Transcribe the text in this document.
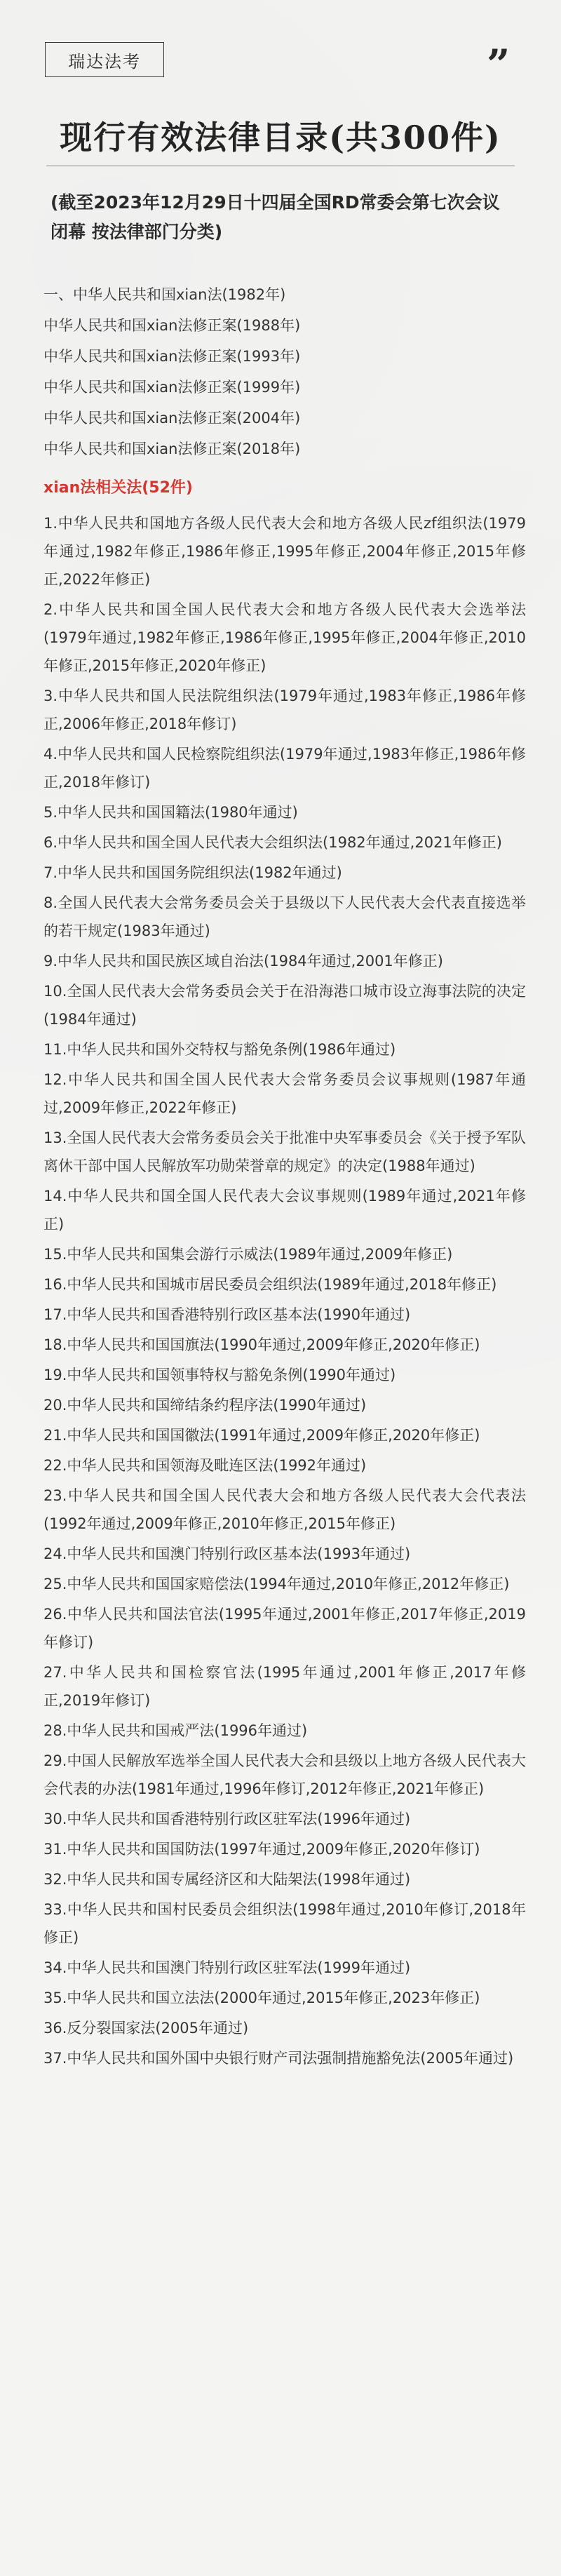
瑞达法考	”
现行有效法律目录(共300件)
(截至2023年12月29日十四届全国RD常委会第七次会议闭幕 按法律部门分类)
一、中华人民共和国xian法(1982年)
中华人民共和国xian法修正案(1988年)
中华人民共和国xian法修正案(1993年)
中华人民共和国xian法修正案(1999年)
中华人民共和国xian法修正案(2004年)
中华人民共和国xian法修正案(2018年)
xian法相关法(52件)
1.中华人民共和国地方各级人民代表大会和地方各级人民zf组织法(1979年通过,1982年修正,1986年修正,1995年修正,2004年修正,2015年修正,2022年修正)
2.中华人民共和国全国人民代表大会和地方各级人民代表大会选举法(1979年通过,1982年修正,1986年修正,1995年修正,2004年修正,2010年修正,2015年修正,2020年修正)
3.中华人民共和国人民法院组织法(1979年通过,1983年修正,1986年修正,2006年修正,2018年修订)
4.中华人民共和国人民检察院组织法(1979年通过,1983年修正,1986年修正,2018年修订)
5.中华人民共和国国籍法(1980年通过)
6.中华人民共和国全国人民代表大会组织法(1982年通过,2021年修正)
7.中华人民共和国国务院组织法(1982年通过)
8.全国人民代表大会常务委员会关于县级以下人民代表大会代表直接选举的若干规定(1983年通过)
9.中华人民共和国民族区域自治法(1984年通过,2001年修正)
10.全国人民代表大会常务委员会关于在沿海港口城市设立海事法院的决定(1984年通过)
11.中华人民共和国外交特权与豁免条例(1986年通过)
12.中华人民共和国全国人民代表大会常务委员会议事规则(1987年通过,2009年修正,2022年修正)
13.全国人民代表大会常务委员会关于批准中央军事委员会《关于授予军队离休干部中国人民解放军功勋荣誉章的规定》的决定(1988年通过)
14.中华人民共和国全国人民代表大会议事规则(1989年通过,2021年修正)
15.中华人民共和国集会游行示威法(1989年通过,2009年修正)
16.中华人民共和国城市居民委员会组织法(1989年通过,2018年修正)
17.中华人民共和国香港特别行政区基本法(1990年通过)
18.中华人民共和国国旗法(1990年通过,2009年修正,2020年修正)
19.中华人民共和国领事特权与豁免条例(1990年通过)
20.中华人民共和国缔结条约程序法(1990年通过)
21.中华人民共和国国徽法(1991年通过,2009年修正,2020年修正)
22.中华人民共和国领海及毗连区法(1992年通过)
23.中华人民共和国全国人民代表大会和地方各级人民代表大会代表法(1992年通过,2009年修正,2010年修正,2015年修正)
24.中华人民共和国澳门特别行政区基本法(1993年通过)
25.中华人民共和国国家赔偿法(1994年通过,2010年修正,2012年修正)
26.中华人民共和国法官法(1995年通过,2001年修正,2017年修正,2019年修订)
27.中华人民共和国检察官法(1995年通过,2001年修正,2017年修正,2019年修订)
28.中华人民共和国戒严法(1996年通过)
29.中国人民解放军选举全国人民代表大会和县级以上地方各级人民代表大会代表的办法(1981年通过,1996年修订,2012年修正,2021年修正)
30.中华人民共和国香港特别行政区驻军法(1996年通过)
31.中华人民共和国国防法(1997年通过,2009年修正,2020年修订)
32.中华人民共和国专属经济区和大陆架法(1998年通过)
33.中华人民共和国村民委员会组织法(1998年通过,2010年修订,2018年修正)
34.中华人民共和国澳门特别行政区驻军法(1999年通过)
35.中华人民共和国立法法(2000年通过,2015年修正,2023年修正)
36.反分裂国家法(2005年通过)
37.中华人民共和国外国中央银行财产司法强制措施豁免法(2005年通过)
